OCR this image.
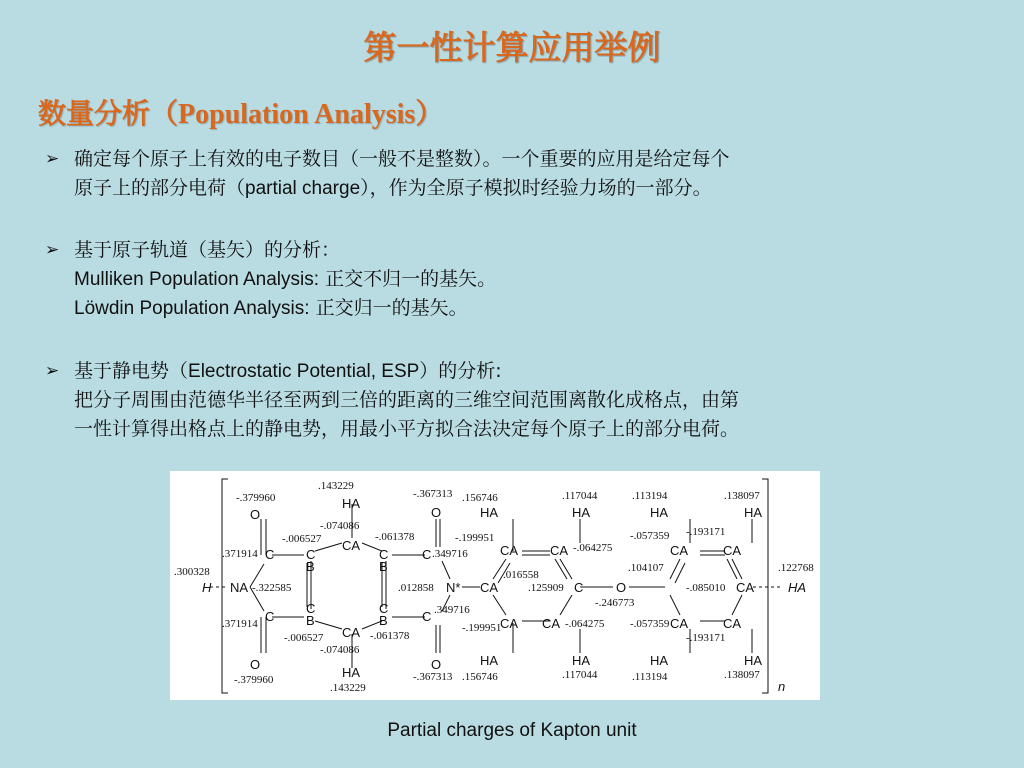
第一性计算应用举例
数量分析（Population Analysis）
➢ 确定每个原子上有效的电子数目（一般不是整数）。一个重要的应用是给定每个
原子上的部分电荷（partial charge），作为全原子模拟时经验力场的一部分。
➢ 基于原子轨道（基矢）的分析：
Mulliken Population Analysis: 正交不归一的基矢。
Löwdin Population Analysis: 正交归一的基矢。
➢ 基于静电势（Electrostatic Potential, ESP）的分析:
把分子周围由范德华半径至两到三倍的距离的三维空间范围离散化成格点，由第
一性计算得出格点上的静电势，用最小平方拟合法决定每个原子上的部分电荷。
HA
O	O	HA	HA	HA	HA
CA
C	C
C	C
B	B
CA CA	CA	CA
H NA	N* CA	C	O	CA	HA
C	C
C	C
B	B
CA
CA CA	CA	CA
O	O
HA
HA	HA	HA	HA
n
.143229
-.379960
-.074086
-.006527	-.061378
-.367313 .156746	.117044	.113194	.138097
.371914
-.199951
.349716	-.064275
-.057359 -.193171
.300328	.122768
-.322585
.016558
.012858	.125909
.104107
-.085010
-.246773
.349716
.371914	-.199951	-.064275 -.057359
-.006527	-.061378	-.193171
-.074086
-.379960
.143229
-.367313 .156746	.117044	.113194	.138097
Partial charges of Kapton unit
